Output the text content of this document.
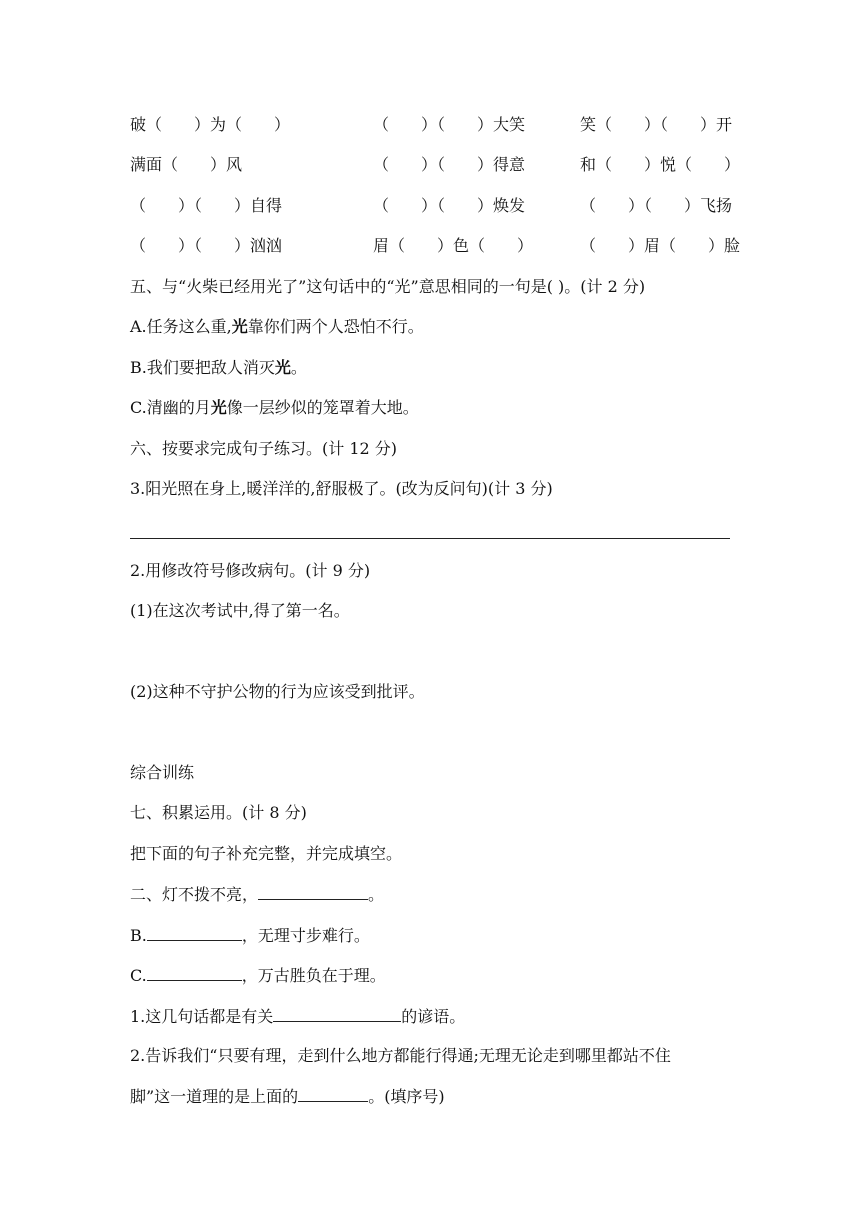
破（　　）为（　　）	（　　）（　　）大笑	笑（　　）（　　）开
满面（　　）风	（　　）（　　）得意	和（　　）悦（　　）
（　　）（　　）自得	（　　）（　　）焕发	（　　）（　　）飞扬
（　　）（　　）汹汹	眉（　　）色（　　）	（　　）眉（　　）脸
五、与“火柴已经用光了”这句话中的“光”意思相同的一句是( )。(计 2 分)
A.任务这么重,光靠你们两个人恐怕不行。
B.我们要把敌人消灭光。
C.清幽的月光像一层纱似的笼罩着大地。
六、按要求完成句子练习。(计 12 分)
3.阳光照在身上,暖洋洋的,舒服极了。(改为反问句)(计 3 分)
2.用修改符号修改病句。(计 9 分)
(1)在这次考试中,得了第一名。
(2)这种不守护公物的行为应该受到批评。
综合训练
七、积累运用。(计 8 分)
把下面的句子补充完整，并完成填空。
二、灯不拨不亮，	。
B.	，无理寸步难行。
C.	，万古胜负在于理。
1.这几句话都是有关	的谚语。
2.告诉我们“只要有理，走到什么地方都能行得通;无理无论走到哪里都站不住
脚”这一道理的是上面的	。(填序号)
